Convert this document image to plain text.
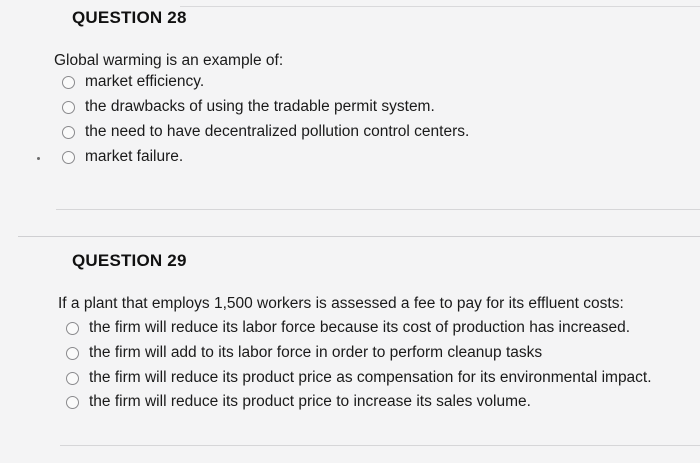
QUESTION 28
Global warming is an example of:
market efficiency.
the drawbacks of using the tradable permit system.
the need to have decentralized pollution control centers.
market failure.
QUESTION 29
If a plant that employs 1,500 workers is assessed a fee to pay for its effluent costs:
the firm will reduce its labor force because its cost of production has increased.
the firm will add to its labor force in order to perform cleanup tasks
the firm will reduce its product price as compensation for its environmental impact.
the firm will reduce its product price to increase its sales volume.
